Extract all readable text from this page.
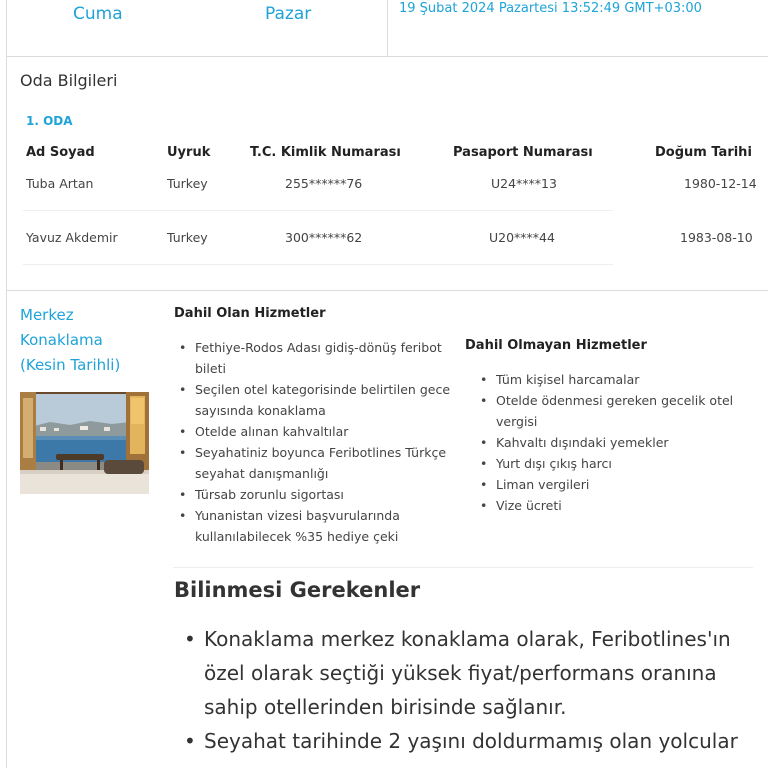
Cuma	Pazar	19 Şubat 2024 Pazartesi 13:52:49 GMT+03:00
Oda Bilgileri
1. ODA
Ad Soyad	Uyruk	T.C. Kimlik Numarası	Pasaport Numarası	Doğum Tarihi
Tuba Artan	Turkey	255******76	U24****13	1980-12-14
Yavuz Akdemir	Turkey	300******62	U20****44	1983-08-10
Merkez
Konaklama
(Kesin Tarihli)
Dahil Olan Hizmetler
• Fethiye-Rodos Adası gidiş-dönüş feribot bileti
• Seçilen otel kategorisinde belirtilen gece sayısında konaklama
• Otelde alınan kahvaltılar
• Seyahatiniz boyunca Feribotlines Türkçe seyahat danışmanlığı
• Türsab zorunlu sigortası
• Yunanistan vizesi başvurularında kullanılabilecek %35 hediye çeki
Dahil Olmayan Hizmetler
• Tüm kişisel harcamalar
• Otelde ödenmesi gereken gecelik otel vergisi
• Kahvaltı dışındaki yemekler
• Yurt dışı çıkış harcı
• Liman vergileri
• Vize ücreti
Bilinmesi Gerekenler
• Konaklama merkez konaklama olarak, Feribotlines'ın özel olarak seçtiği yüksek fiyat/performans oranına sahip otellerinden birisinde sağlanır.
• Seyahat tarihinde 2 yaşını doldurmamış olan yolcular
